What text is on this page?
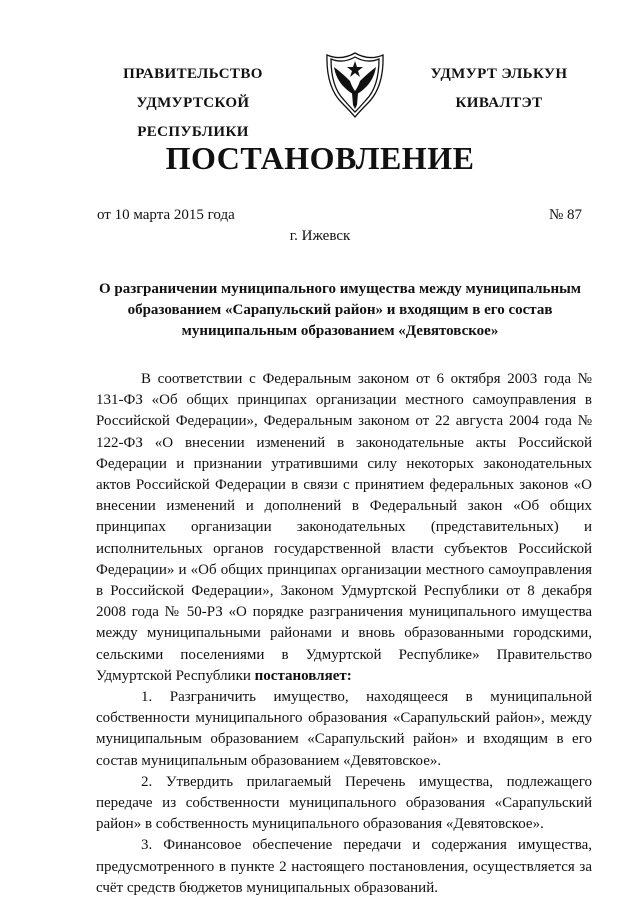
ПРАВИТЕЛЬСТВО
УДМУРТСКОЙ РЕСПУБЛИКИ
УДМУРТ ЭЛЬКУН
КИВАЛТЭТ
ПОСТАНОВЛЕНИЕ
от 10 марта 2015 года	№ 87
г. Ижевск
О разграничении муниципального имущества между муниципальным
образованием «Сарапульский район» и входящим в его состав
муниципальным образованием «Девятовское»

В соответствии с Федеральным законом от 6 октября 2003 года № 131-ФЗ «Об общих принципах организации местного самоуправления в Российской Федерации», Федеральным законом от 22 августа 2004 года № 122-ФЗ «О внесении изменений в законодательные акты Российской Федерации и признании утратившими силу некоторых законодательных актов Российской Федерации в связи с принятием федеральных законов «О внесении изменений и дополнений в Федеральный закон «Об общих принципах организации законодательных (представительных) и исполнительных органов государственной власти субъектов Российской Федерации» и «Об общих принципах организации местного самоуправления в Российской Федерации», Законом Удмуртской Республики от 8 декабря 2008 года № 50-РЗ «О порядке разграничения муниципального имущества между муниципальными районами и вновь образованными городскими, сельскими поселениями в Удмуртской Республике» Правительство Удмуртской Республики постановляет:

1. Разграничить имущество, находящееся в муниципальной собственности муниципального образования «Сарапульский район», между муниципальным образованием «Сарапульский район» и входящим в его состав муниципальным образованием «Девятовское».

2. Утвердить прилагаемый Перечень имущества, подлежащего передаче из собственности муниципального образования «Сарапульский район» в собственность муниципального образования «Девятовское».

3. Финансовое обеспечение передачи и содержания имущества, предусмотренного в пункте 2 настоящего постановления, осуществляется за счёт средств бюджетов муниципальных образований.
